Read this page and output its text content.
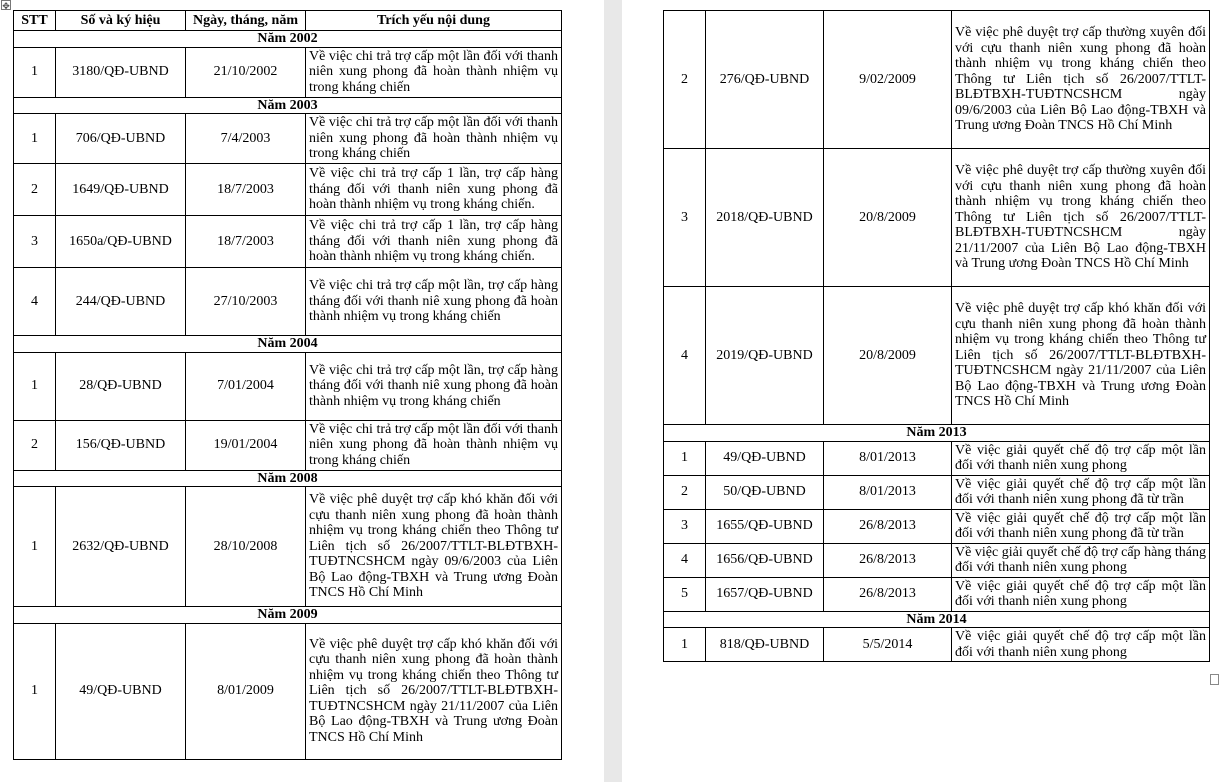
✥
STT	Số và ký hiệu	Ngày, tháng, năm	Trích yếu nội dung
Năm 2002			
1	3180/QĐ-UBND	21/10/2002	Về việc chi trả trợ cấp một lần đối với thanh niên xung phong đã hoàn thành nhiệm vụ trong kháng chiến
Năm 2003			
1	706/QĐ-UBND	7/4/2003	Về việc chi trả trợ cấp một lần đối với thanh niên xung phong đã hoàn thành nhiệm vụ trong kháng chiến
2	1649/QĐ-UBND	18/7/2003	Về việc chi trả trợ cấp 1 lần, trợ cấp hàng tháng đối với thanh niên xung phong đã hoàn thành nhiệm vụ trong kháng chiến.
3	1650a/QĐ-UBND	18/7/2003	Về việc chi trả trợ cấp 1 lần, trợ cấp hàng tháng đối với thanh niên xung phong đã hoàn thành nhiệm vụ trong kháng chiến.
4	244/QĐ-UBND	27/10/2003	Về việc chi trả trợ cấp một lần, trợ cấp hàng tháng đối với thanh niê xung phong đã hoàn thành nhiệm vụ trong kháng chiến
Năm 2004			
1	28/QĐ-UBND	7/01/2004	Về việc chi trả trợ cấp một lần, trợ cấp hàng tháng đối với thanh niê xung phong đã hoàn thành nhiệm vụ trong kháng chiến
2	156/QĐ-UBND	19/01/2004	Về việc chi trả trợ cấp một lần đối với thanh niên xung phong đã hoàn thành nhiệm vụ trong kháng chiến
Năm 2008			
1	2632/QĐ-UBND	28/10/2008	Về việc phê duyệt trợ cấp khó khăn đối với cựu thanh niên xung phong đã hoàn thành nhiệm vụ trong kháng chiến theo Thông tư Liên tịch số 26/2007/TTLT-BLĐTBXH-TUĐTNCSHCM ngày 09/6/2003 của Liên Bộ Lao động-TBXH và Trung ương Đoàn TNCS Hồ Chí Minh
Năm 2009			
1	49/QĐ-UBND	8/01/2009	Về việc phê duyệt trợ cấp khó khăn đối với cựu thanh niên xung phong đã hoàn thành nhiệm vụ trong kháng chiến theo Thông tư Liên tịch số 26/2007/TTLT-BLĐTBXH-TUĐTNCSHCM ngày 21/11/2007 của Liên Bộ Lao động-TBXH và Trung ương Đoàn TNCS Hồ Chí Minh
2	276/QĐ-UBND	9/02/2009	Về việc phê duyệt trợ cấp thường xuyên đối với cựu thanh niên xung phong đã hoàn thành nhiệm vụ trong kháng chiến theo Thông tư Liên tịch số 26/2007/TTLT-BLĐTBXH-TUĐTNCSHCM ngày 09/6/2003 của Liên Bộ Lao động-TBXH và Trung ương Đoàn TNCS Hồ Chí Minh
3	2018/QĐ-UBND	20/8/2009	Về việc phê duyệt trợ cấp thường xuyên đối với cựu thanh niên xung phong đã hoàn thành nhiệm vụ trong kháng chiến theo Thông tư Liên tịch số 26/2007/TTLT-BLĐTBXH-TUĐTNCSHCM ngày 21/11/2007 của Liên Bộ Lao động-TBXH và Trung ương Đoàn TNCS Hồ Chí Minh
4	2019/QĐ-UBND	20/8/2009	Về việc phê duyệt trợ cấp khó khăn đối với cựu thanh niên xung phong đã hoàn thành nhiệm vụ trong kháng chiến theo Thông tư Liên tịch số 26/2007/TTLT-BLĐTBXH-TUĐTNCSHCM ngày 21/11/2007 của Liên Bộ Lao động-TBXH và Trung ương Đoàn TNCS Hồ Chí Minh
Năm 2013			
1	49/QĐ-UBND	8/01/2013	Về việc giải quyết chế độ trợ cấp một lần đối với thanh niên xung phong
2	50/QĐ-UBND	8/01/2013	Về việc giải quyết chế độ trợ cấp một lần đối với thanh niên xung phong đã từ trần
3	1655/QĐ-UBND	26/8/2013	Về việc giải quyết chế độ trợ cấp một lần đối với thanh niên xung phong đã từ trần
4	1656/QĐ-UBND	26/8/2013	Về việc giải quyết chế độ trợ cấp hàng tháng đối với thanh niên xung phong
5	1657/QĐ-UBND	26/8/2013	Về việc giải quyết chế độ trợ cấp một lần đối với thanh niên xung phong
Năm 2014			
1	818/QĐ-UBND	5/5/2014	Về việc giải quyết chế độ trợ cấp một lần đối với thanh niên xung phong
